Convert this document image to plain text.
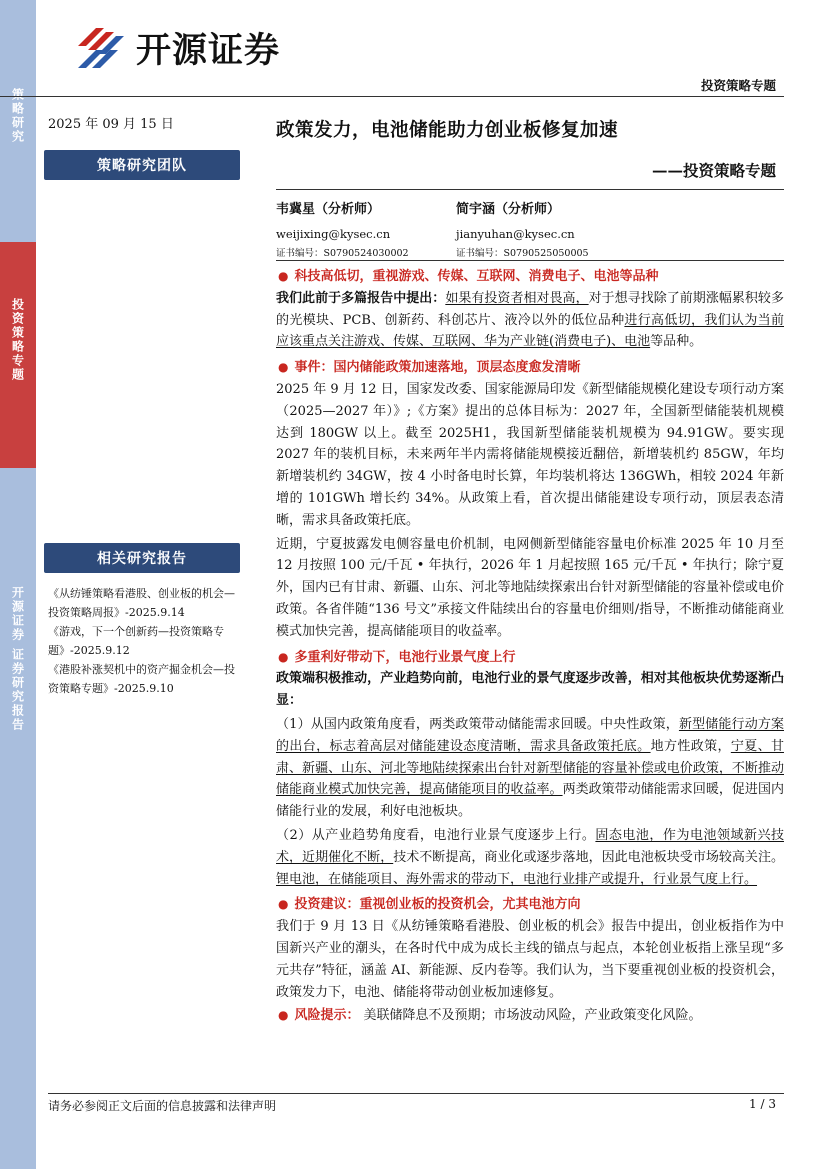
策略研究
投资策略专题
开源证券 证券研究报告
开源证券
投资策略专题
2025 年 09 月 15 日	政策发力，电池储能助力创业板修复加速
——投资策略专题
策略研究团队
韦冀星（分析师）
weijixing@kysec.cn
证书编号：S0790524030002
简宇涵（分析师）
jianyuhan@kysec.cn
证书编号：S0790525050005
相关研究报告
《从纺锤策略看港股、创业板的机会—投资策略周报》-2025.9.14
《游戏，下一个创新药—投资策略专题》-2025.9.12
《港股补涨契机中的资产掘金机会—投资策略专题》-2025.9.10
● 科技高低切，重视游戏、传媒、互联网、消费电子、电池等品种
我们此前于多篇报告中提出：如果有投资者相对畏高，对于想寻找除了前期涨幅累积较多的光模块、PCB、创新药、科创芯片、液冷以外的低位品种进行高低切，我们认为当前应该重点关注游戏、传媒、互联网、华为产业链(消费电子)、电池等品种。
● 事件：国内储能政策加速落地，顶层态度愈发清晰
2025 年 9 月 12 日，国家发改委、国家能源局印发《新型储能规模化建设专项行动方案（2025—2027 年）》;《方案》提出的总体目标为：2027 年，全国新型储能装机规模达到 180GW 以上。截至 2025H1，我国新型储能装机规模为 94.91GW。要实现 2027 年的装机目标，未来两年半内需将储能规模接近翻倍，新增装机约 85GW，年均新增装机约 34GW，按 4 小时备电时长算，年均装机将达 136GWh，相较 2024 年新增的 101GWh 增长约 34%。从政策上看，首次提出储能建设专项行动，顶层表态清晰，需求具备政策托底。
近期，宁夏披露发电侧容量电价机制，电网侧新型储能容量电价标准 2025 年 10 月至 12 月按照 100 元/千瓦 • 年执行，2026 年 1 月起按照 165 元/千瓦 • 年执行；除宁夏外，国内已有甘肃、新疆、山东、河北等地陆续探索出台针对新型储能的容量补偿或电价政策。各省伴随“136 号文”承接文件陆续出台的容量电价细则/指导，不断推动储能商业模式加快完善，提高储能项目的收益率。
● 多重利好带动下，电池行业景气度上行
政策端积极推动，产业趋势向前，电池行业的景气度逐步改善，相对其他板块优势逐渐凸显：
（1）从国内政策角度看，两类政策带动储能需求回暖。中央性政策，新型储能行动方案的出台，标志着高层对储能建设态度清晰，需求具备政策托底。地方性政策，宁夏、甘肃、新疆、山东、河北等地陆续探索出台针对新型储能的容量补偿或电价政策，不断推动储能商业模式加快完善，提高储能项目的收益率。两类政策带动储能需求回暖，促进国内储能行业的发展，利好电池板块。
（2）从产业趋势角度看，电池行业景气度逐步上行。固态电池，作为电池领域新兴技术，近期催化不断，技术不断提高，商业化或逐步落地，因此电池板块受市场较高关注。锂电池，在储能项目、海外需求的带动下，电池行业排产或提升，行业景气度上行。
● 投资建议：重视创业板的投资机会，尤其电池方向
我们于 9 月 13 日《从纺锤策略看港股、创业板的机会》报告中提出，创业板指作为中国新兴产业的潮头，在各时代中成为成长主线的锚点与起点，本轮创业板指上涨呈现“多元共存”特征，涵盖 AI、新能源、反内卷等。我们认为，当下要重视创业板的投资机会，政策发力下，电池、储能将带动创业板加速修复。
● 风险提示： 美联储降息不及预期；市场波动风险，产业政策变化风险。
请务必参阅正文后面的信息披露和法律声明	1 / 3
